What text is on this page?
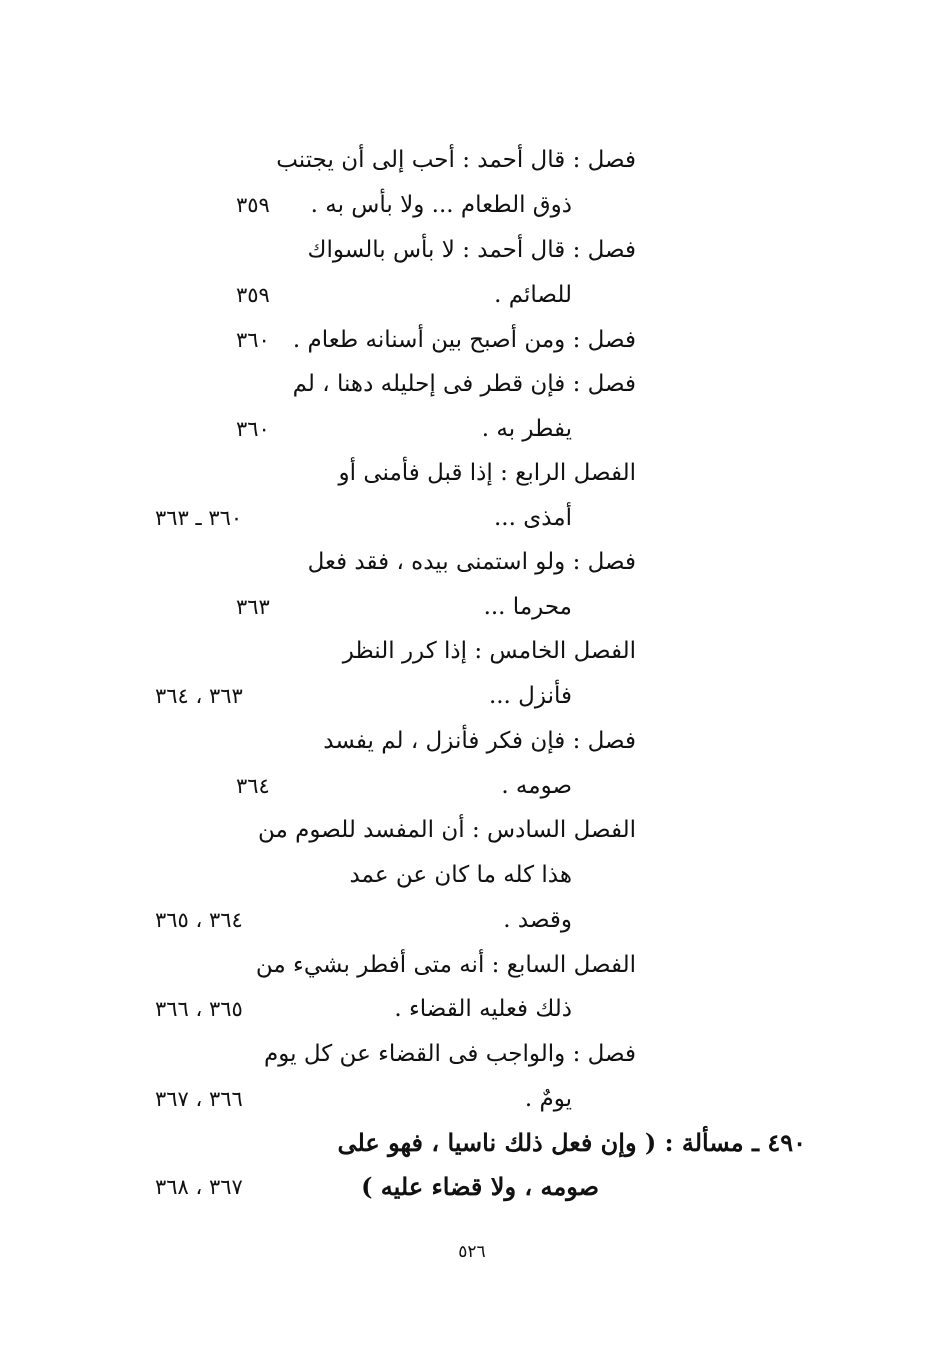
فصل : قال أحمد : أحب إلى أن يجتنب
ذوق الطعام ... ولا بأس به .
٣٥٩
فصل : قال أحمد : لا بأس بالسواك
للصائم .
٣٥٩
فصل : ومن أصبح بين أسنانه طعام .
٣٦٠
فصل : فإن قطر فى إحليله دهنا ، لم
يفطر به .
٣٦٠
الفصل الرابع : إذا قبل فأمنى أو
أمذى ...
٣٦٠ ـ ٣٦٣
فصل : ولو استمنى بيده ، فقد فعل
محرما ...
٣٦٣
الفصل الخامس : إذا كرر النظر
فأنزل ...
٣٦٣ ، ٣٦٤
فصل : فإن فكر فأنزل ، لم يفسد
صومه .
٣٦٤
الفصل السادس : أن المفسد للصوم من
هذا كله ما كان عن عمد
وقصد .
٣٦٤ ، ٣٦٥
الفصل السابع : أنه متى أفطر بشيء من
ذلك فعليه القضاء .
٣٦٥ ، ٣٦٦
فصل : والواجب فى القضاء عن كل يوم
يومٌ .
٣٦٦ ، ٣٦٧
٤٩٠ ـ مسألة : ( وإن فعل ذلك ناسيا ، فهو على
صومه ، ولا قضاء عليه )
٣٦٧ ، ٣٦٨
٥٢٦
